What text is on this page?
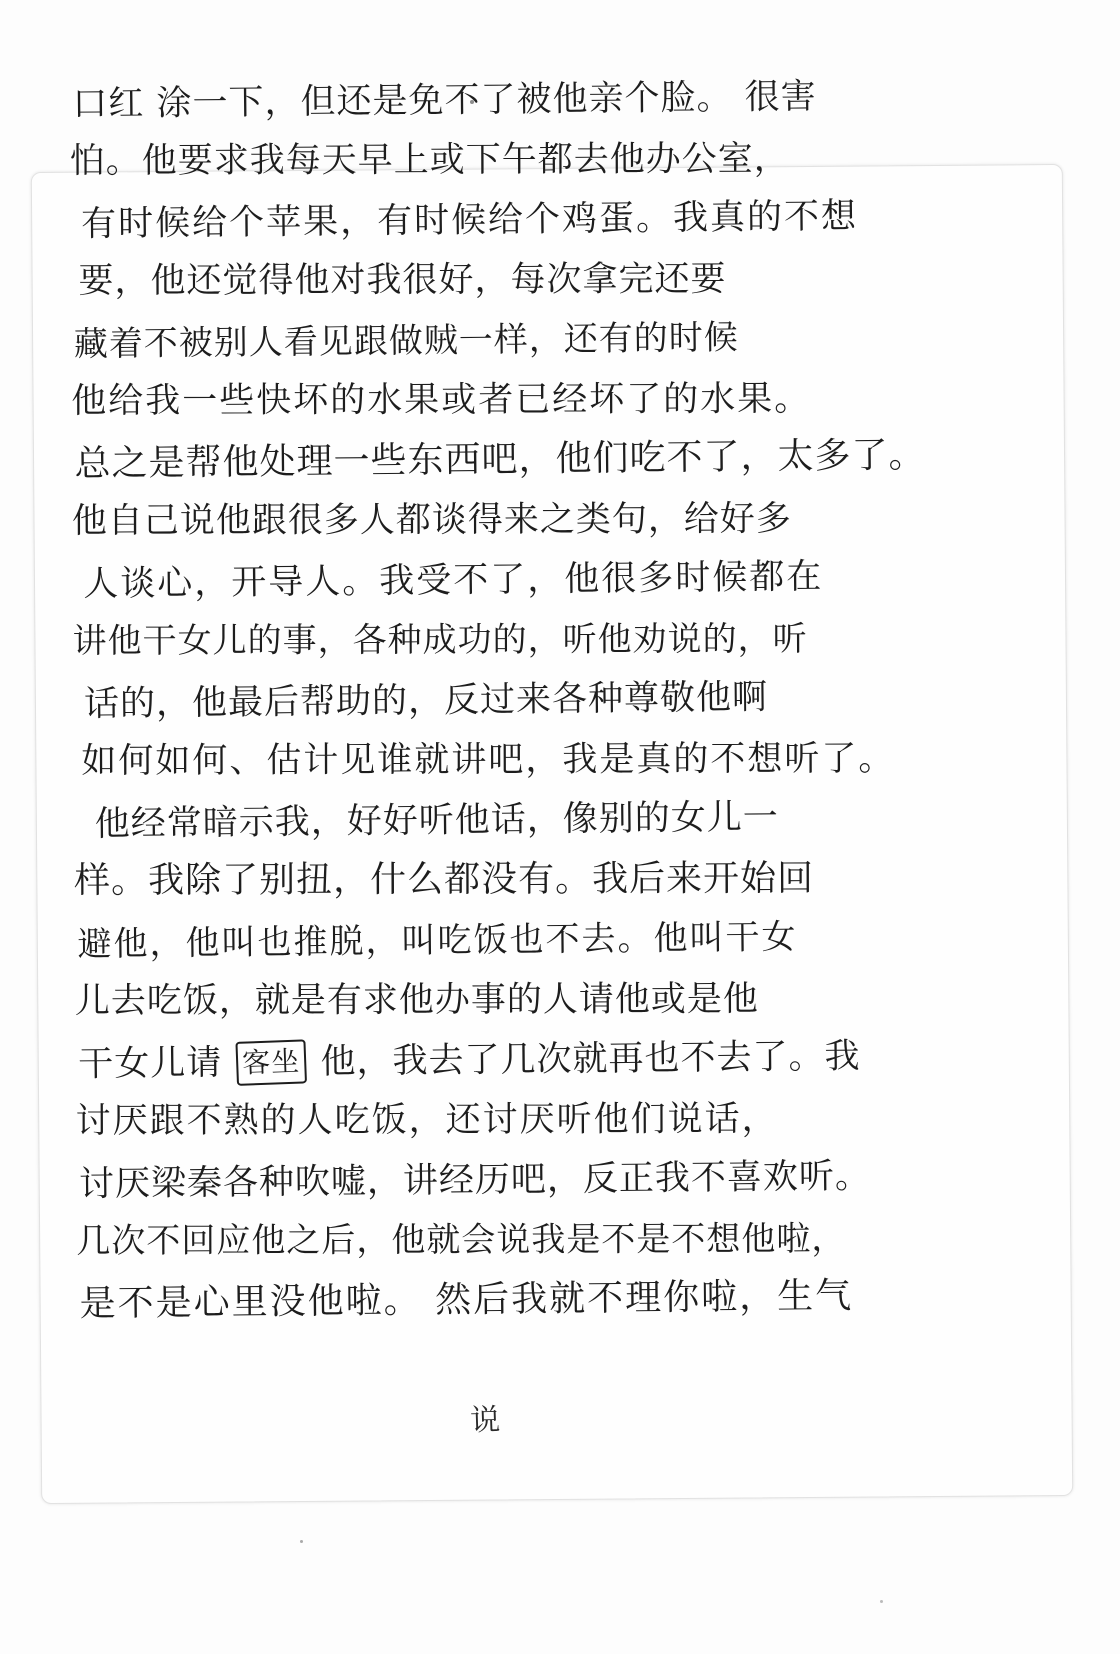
口红 涂一下，但还是免不了被他亲个脸。 很害
怕。他要求我每天早上或下午都去他办公室，
有时候给个苹果，有时候给个鸡蛋。我真的不想
要，他还觉得他对我很好，每次拿完还要
藏着不被别人看见跟做贼一样，还有的时候
他给我一些快坏的水果或者已经坏了的水果。
总之是帮他处理一些东西吧，他们吃不了，太多了。
他自己说他跟很多人都谈得来之类句，给好多
人谈心，开导人。我受不了，他很多时候都在
讲他干女儿的事，各种成功的，听他劝说的，听
话的，他最后帮助的，反过来各种尊敬他啊
如何如何、估计见谁就讲吧，我是真的不想听了。
他经常暗示我，好好听他话，像别的女儿一
样。我除了别扭，什么都没有。我后来开始回
避他，他叫也推脱，叫吃饭也不去。他叫干女
儿去吃饭，就是有求他办事的人请他或是他
干女儿请 客坐 他，我去了几次就再也不去了。我
讨厌跟不熟的人吃饭，还讨厌听他们说话，
讨厌梁秦各种吹嘘，讲经历吧，反正我不喜欢听。
几次不回应他之后，他就会说我是不是不想他啦，
是不是心里没他啦。 然后我就不理你啦，生气
说
